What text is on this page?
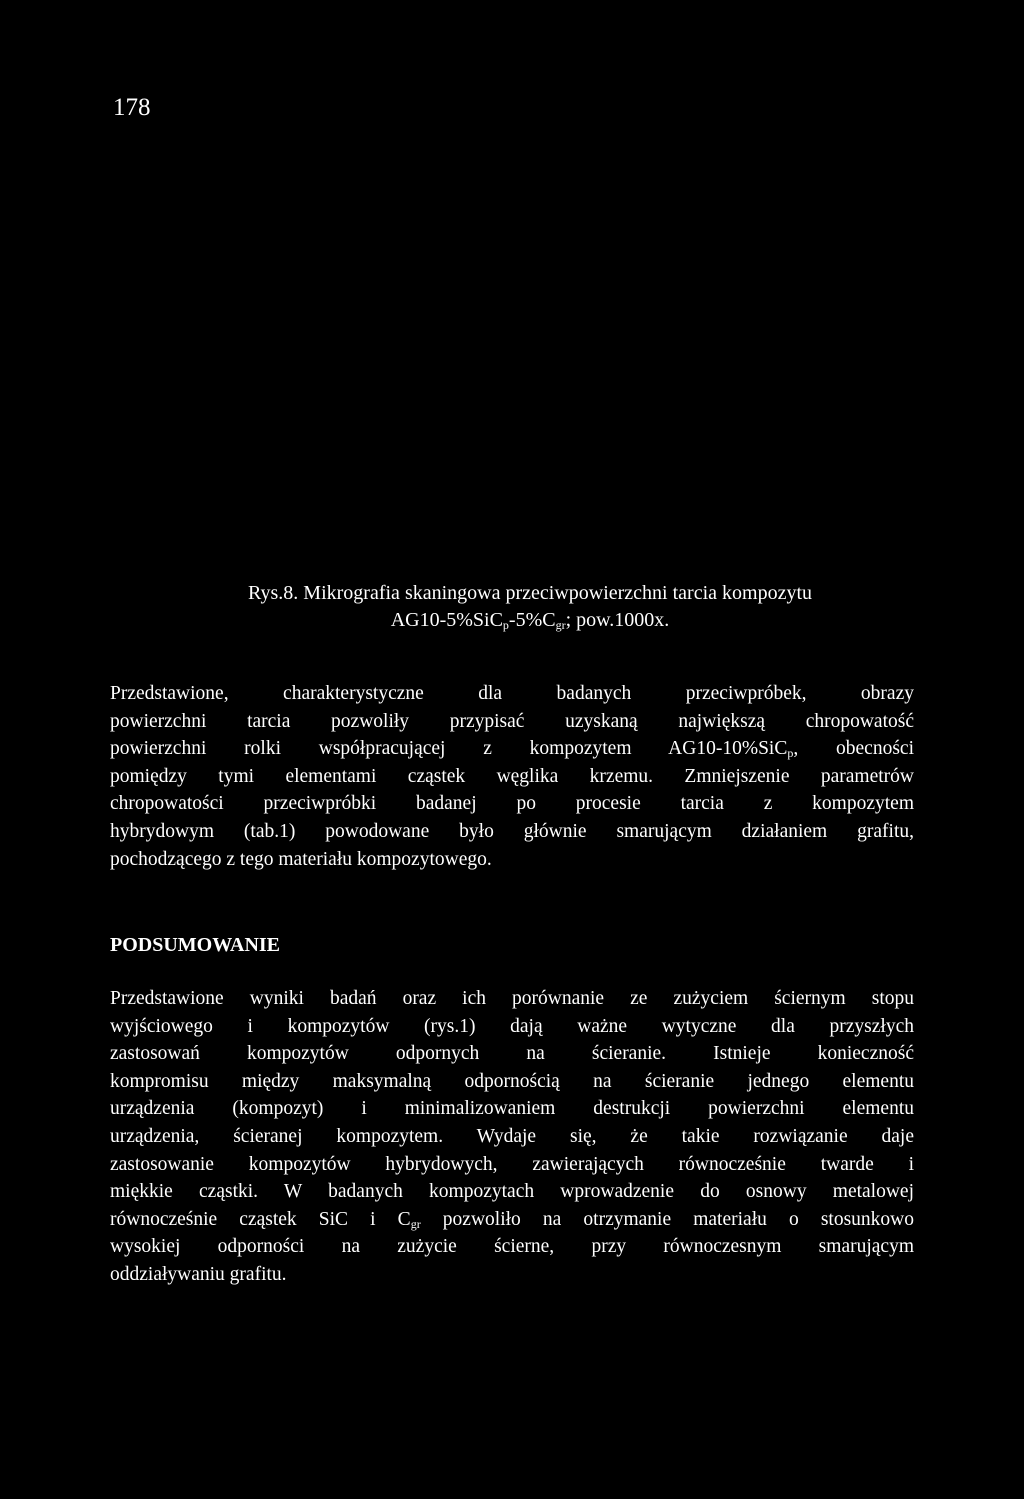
178
Rys.8. Mikrografia skaningowa przeciwpowierzchni tarcia kompozytu
$AG10-5\%SiC_p-5\%C_{gr}$; pow.1000x.
Przedstawione, charakterystyczne dla badanych przeciwpróbek, obrazy
powierzchni tarcia pozwoliły przypisać uzyskaną największą chropowatość
powierzchni rolki współpracującej z kompozytem AG10-10%SiC$_p$, obecności
pomiędzy tymi elementami cząstek węglika krzemu. Zmniejszenie parametrów
chropowatości przeciwpróbki badanej po procesie tarcia z kompozytem
hybrydowym (tab.1) powodowane było głównie smarującym działaniem grafitu,
pochodzącego z tego materiału kompozytowego.
PODSUMOWANIE
Przedstawione wyniki badań oraz ich porównanie ze zużyciem ściernym stopu
wyjściowego i kompozytów (rys.1) dają ważne wytyczne dla przyszłych
zastosowań kompozytów odpornych na ścieranie. Istnieje konieczność
kompromisu między maksymalną odpornością na ścieranie jednego elementu
urządzenia (kompozyt) i minimalizowaniem destrukcji powierzchni elementu
urządzenia, ścieranej kompozytem. Wydaje się, że takie rozwiązanie daje
zastosowanie kompozytów hybrydowych, zawierających równocześnie twarde i
miękkie cząstki. W badanych kompozytach wprowadzenie do osnowy metalowej
równocześnie cząstek SiC i $C_{gr}$ pozwoliło na otrzymanie materiału o stosunkowo
wysokiej odporności na zużycie ścierne, przy równoczesnym smarującym
oddziaływaniu grafitu.
